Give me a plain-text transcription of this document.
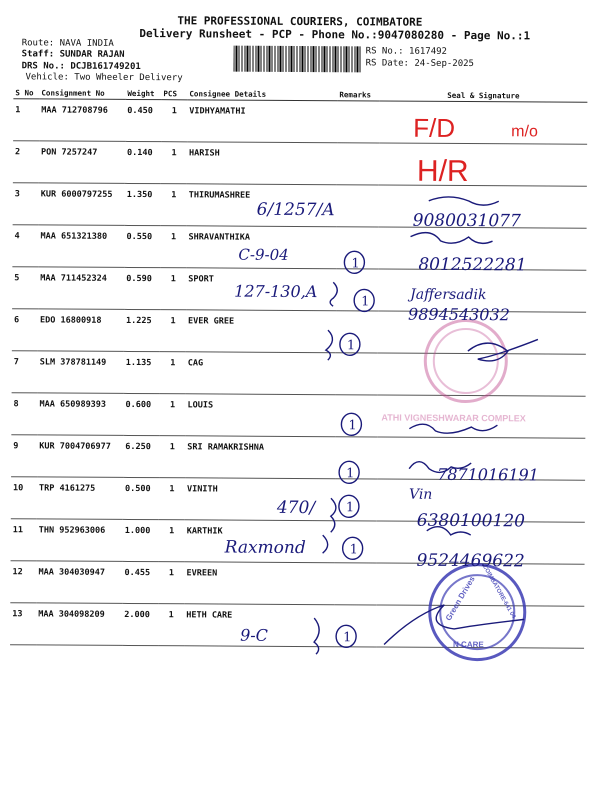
THE PROFESSIONAL COURIERS, COIMBATORE
Delivery Runsheet - PCP - Phone No.:9047080280 - Page No.:1
Route: NAVA INDIA
Staff: SUNDAR RAJAN
DRS No.: DCJB161749201
Vehicle: Two Wheeler Delivery
RS No.: 1617492
RS Date: 24-Sep-2025
S No	Consignment No	Weight	PCS	Consignee Details	Remarks	Seal & Signature
1	MAA 712708796	0.450	1	VIDHYAMATHI		
2	PON 7257247	0.140	1	HARISH		
3	KUR 6000797255	1.350	1	THIRUMASHREE		
4	MAA 651321380	0.550	1	SHRAVANTHIKA		
5	MAA 711452324	0.590	1	SPORT		
6	EDO 16800918	1.225	1	EVER GREE		
7	SLM 378781149	1.135	1	CAG		
8	MAA 650989393	0.600	1	LOUIS		
9	KUR 7004706977	6.250	1	SRI RAMAKRISHNA		
10	TRP 4161275	0.500	1	VINITH		
11	THN 952963006	1.000	1	KARTHIK		
12	MAA 304030947	0.455	1	EVREEN		
13	MAA 304098209	2.000	1	HETH CARE		
ATHI VIGNESHWARAR COMPLEX
Green Drives COIMBATORE-641 04
N CARE
F/D	m/o
H/R
6/1257/A
9080031077
C-9-04	8012522281
127-130,A	Jaffersadik
9894543032
7871016191
470/
Vin
6380100120
Raxmond
9524469622
9-C
1
1
1
1
1
1
1
1
